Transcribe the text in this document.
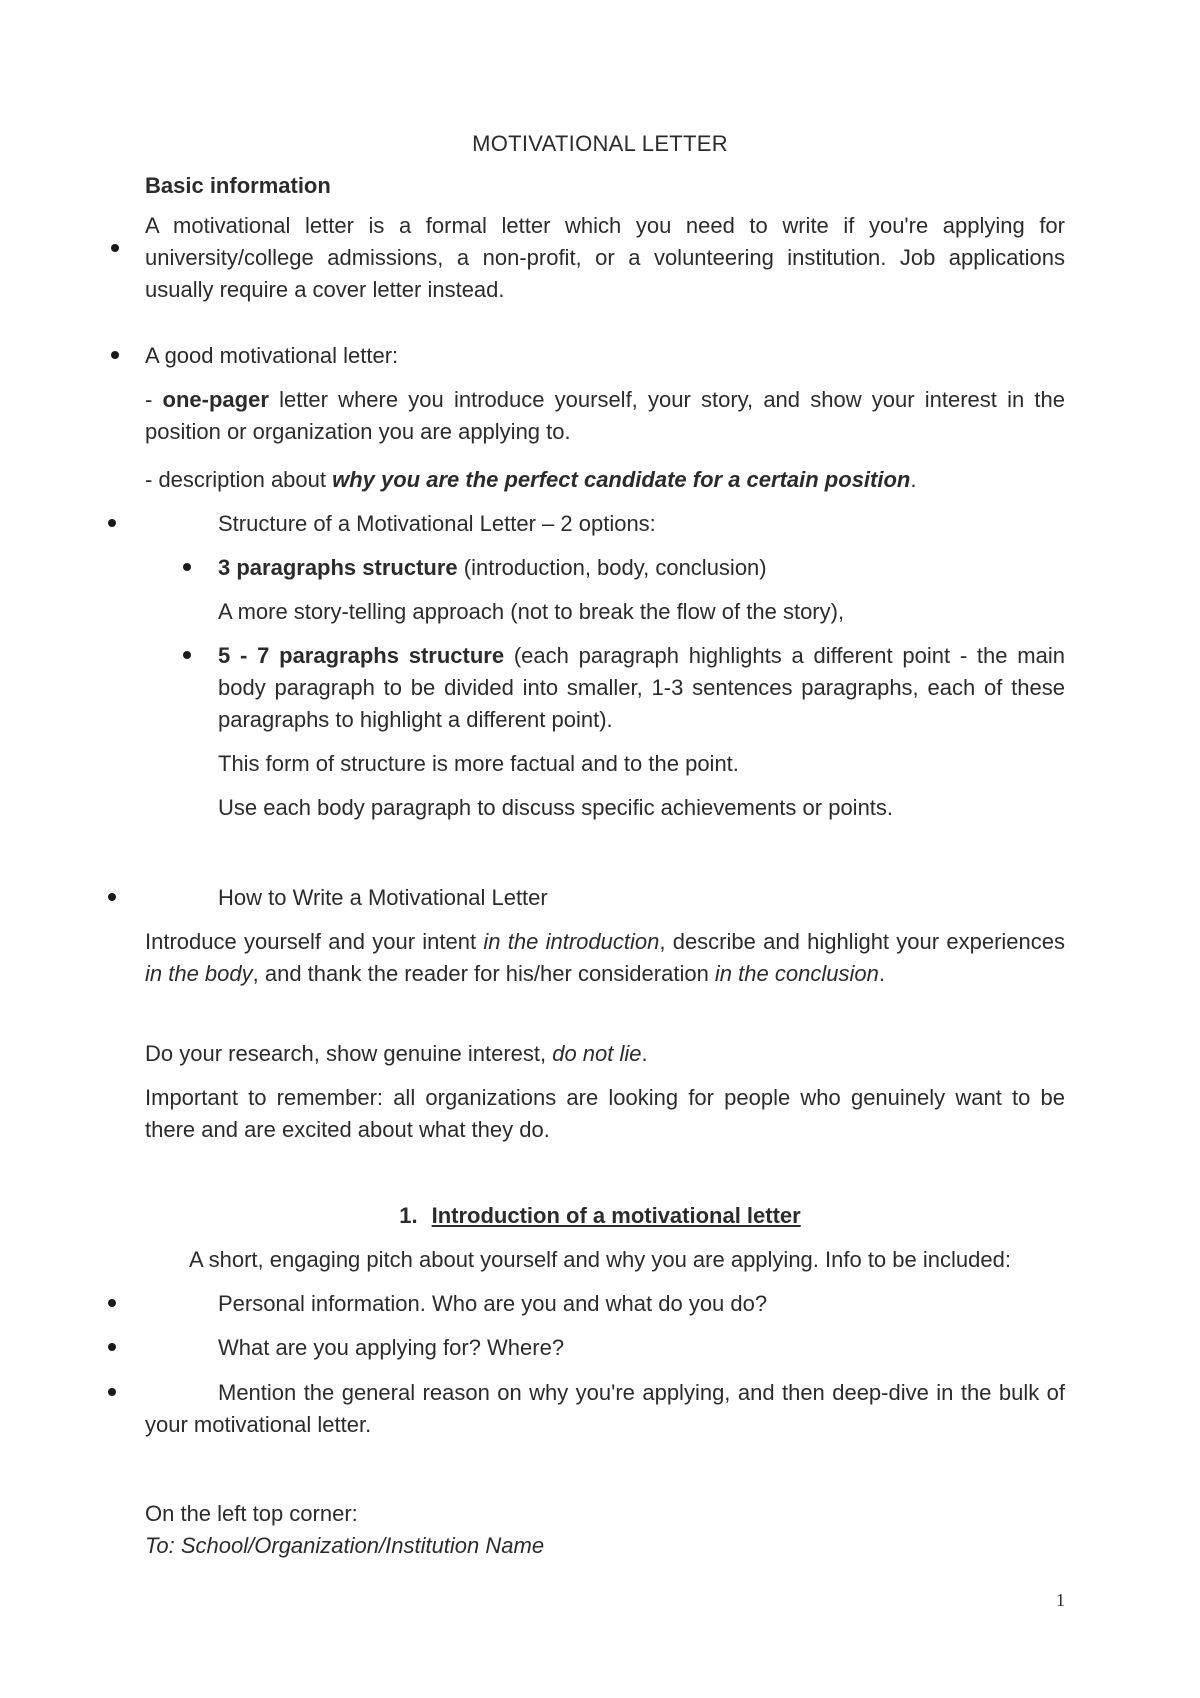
MOTIVATIONAL LETTER
Basic information
A motivational letter is a formal letter which you need to write if you're applying for university/college admissions, a non-profit, or a volunteering institution. Job applications usually require a cover letter instead.
A good motivational letter:
- one-pager letter where you introduce yourself, your story, and show your interest in the position or organization you are applying to.
- description about why you are the perfect candidate for a certain position.
Structure of a Motivational Letter – 2 options:
3 paragraphs structure (introduction, body, conclusion)
A more story-telling approach (not to break the flow of the story),
5 - 7 paragraphs structure (each paragraph highlights a different point - the main body paragraph to be divided into smaller, 1-3 sentences paragraphs, each of these paragraphs to highlight a different point).
This form of structure is more factual and to the point.
Use each body paragraph to discuss specific achievements or points.
How to Write a Motivational Letter
Introduce yourself and your intent in the introduction, describe and highlight your experiences in the body, and thank the reader for his/her consideration in the conclusion.
Do your research, show genuine interest, do not lie.
Important to remember: all organizations are looking for people who genuinely want to be there and are excited about what they do.
1. Introduction of a motivational letter
A short, engaging pitch about yourself and why you are applying. Info to be included:
Personal information. Who are you and what do you do?
What are you applying for? Where?
Mention the general reason on why you're applying, and then deep-dive in the bulk of your motivational letter.
On the left top corner:
To: School/Organization/Institution Name
1
